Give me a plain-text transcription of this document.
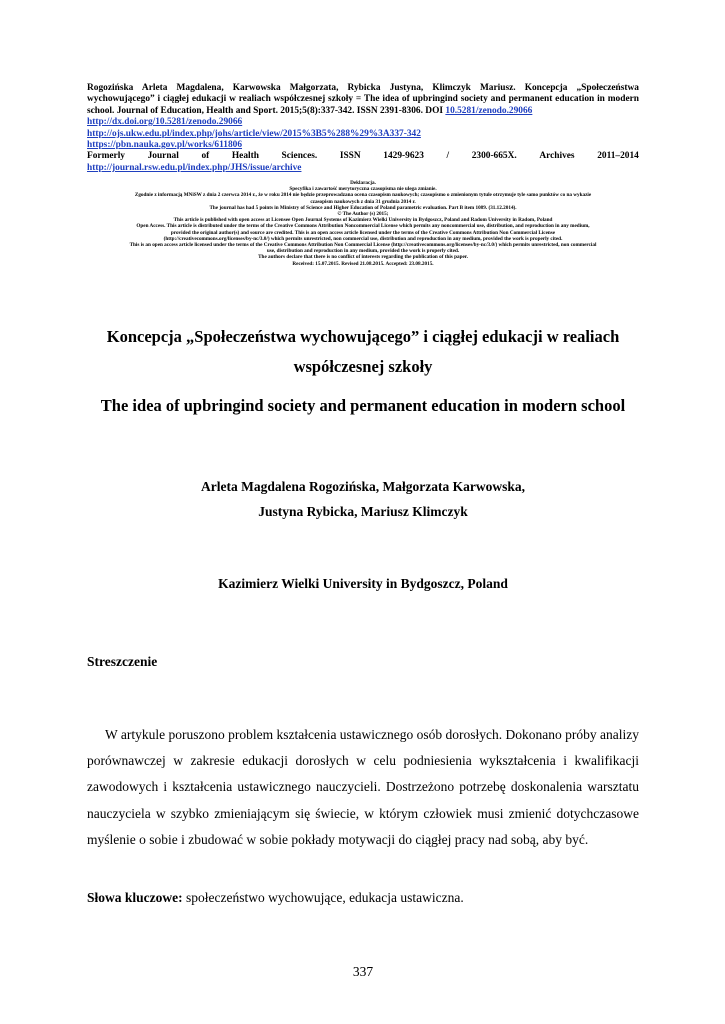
Rogozińska Arleta Magdalena, Karwowska Małgorzata, Rybicka Justyna, Klimczyk Mariusz. Koncepcja „Społeczeństwa wychowującego” i ciągłej edukacji w realiach współczesnej szkoły = The idea of upbringind society and permanent education in modern school. Journal of Education, Health and Sport. 2015;5(8):337-342. ISSN 2391-8306. DOI 10.5281/zenodo.29066
http://dx.doi.org/10.5281/zenodo.29066
http://ojs.ukw.edu.pl/index.php/johs/article/view/2015%3B5%288%29%3A337-342
https://pbn.nauka.gov.pl/works/611806
Formerly Journal of Health Sciences. ISSN 1429-9623 / 2300-665X. Archives 2011–2014
http://journal.rsw.edu.pl/index.php/JHS/issue/archive
Deklaracja.
Specyfika i zawartość merytoryczna czasopisma nie ulega zmianie.
Zgodnie z informacją MNiSW z dnia 2 czerwca 2014 r., że w roku 2014 nie będzie przeprowadzana ocena czasopism naukowych; czasopismo o zmienionym tytule otrzymuje tyle samo punktów co na wykazie
czasopism naukowych z dnia 31 grudnia 2014 r.
The journal has had 5 points in Ministry of Science and Higher Education of Poland parametric evaluation. Part B item 1089. (31.12.2014).
© The Author (s) 2015;
This article is published with open access at Licensee Open Journal Systems of Kazimierz Wielki University in Bydgoszcz, Poland and Radom University in Radom, Poland
Open Access. This article is distributed under the terms of the Creative Commons Attribution Noncommercial License which permits any noncommercial use, distribution, and reproduction in any medium,
provided the original author(s) and source are credited. This is an open access article licensed under the terms of the Creative Commons Attribution Non Commercial License
(http://creativecommons.org/licenses/by-nc/3.0/) which permits unrestricted, non commercial use, distribution and reproduction in any medium, provided the work is properly cited.
This is an open access article licensed under the terms of the Creative Commons Attribution Non Commercial License (http://creativecommons.org/licenses/by-nc/3.0/) which permits unrestricted, non commercial
use, distribution and reproduction in any medium, provided the work is properly cited.
The authors declare that there is no conflict of interests regarding the publication of this paper.
Received: 15.07.2015. Revised 21.08.2015. Accepted: 23.08.2015.
Koncepcja „Społeczeństwa wychowującego” i ciągłej edukacji w realiach współczesnej szkoły
The idea of upbringind society and permanent education in modern school
Arleta Magdalena Rogozińska, Małgorzata Karwowska,
Justyna Rybicka, Mariusz Klimczyk
Kazimierz Wielki University in Bydgoszcz, Poland
Streszczenie
W artykule poruszono problem kształcenia ustawicznego osób dorosłych. Dokonano próby analizy porównawczej w zakresie edukacji dorosłych w celu podniesienia wykształcenia i kwalifikacji zawodowych i kształcenia ustawicznego nauczycieli. Dostrzeżono potrzebę doskonalenia warsztatu nauczyciela w szybko zmieniającym się świecie, w którym człowiek musi zmienić dotychczasowe myślenie o sobie i zbudować w sobie pokłady motywacji do ciągłej pracy nad sobą, aby być.
Słowa kluczowe: społeczeństwo wychowujące, edukacja ustawiczna.
337
